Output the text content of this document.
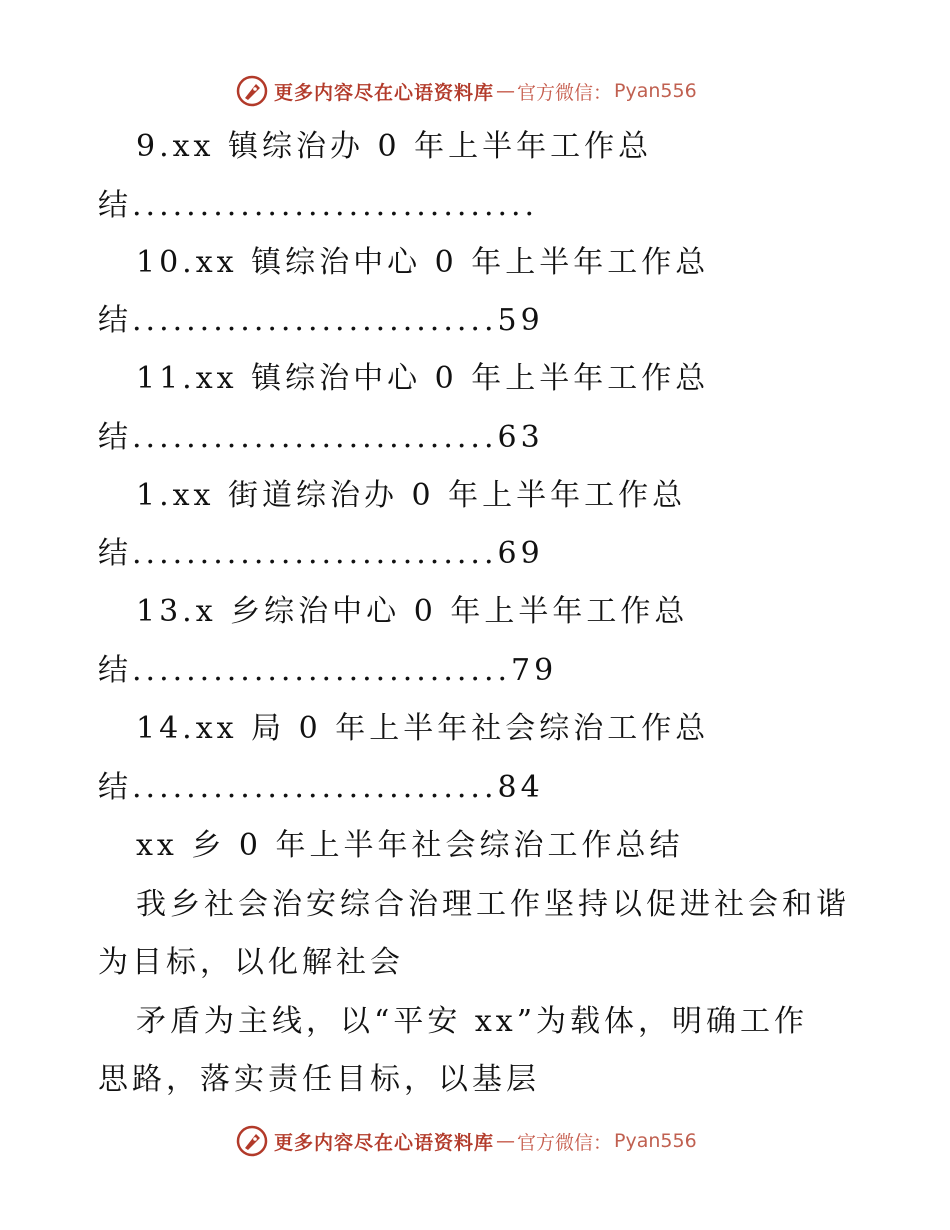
更多内容尽在心语资料库 — 官方微信： Pyan556
9.xx 镇综治办 0 年上半年工作总
结..............................
10.xx 镇综治中心 0 年上半年工作总
结...........................59
11.xx 镇综治中心 0 年上半年工作总
结...........................63
1.xx 街道综治办 0 年上半年工作总
结...........................69
13.x 乡综治中心 0 年上半年工作总
结............................79
14.xx 局 0 年上半年社会综治工作总
结...........................84
xx 乡 0 年上半年社会综治工作总结
我乡社会治安综合治理工作坚持以促进社会和谐
为目标，以化解社会
矛盾为主线，以“平安 xx”为载体，明确工作
思路，落实责任目标，以基层
更多内容尽在心语资料库 — 官方微信： Pyan556
